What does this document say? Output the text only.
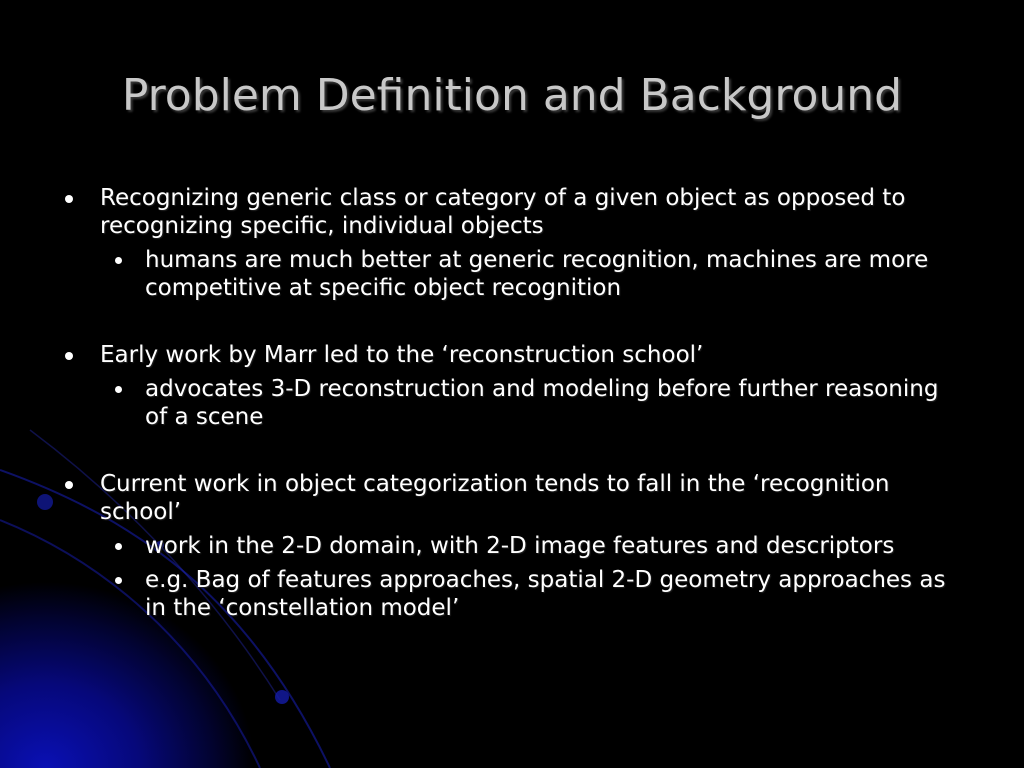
Problem Definition and Background
Recognizing generic class or category of a given object as opposed to recognizing specific, individual objects
humans are much better at generic recognition, machines are more competitive at specific object recognition
Early work by Marr led to the ‘reconstruction school’
advocates 3-D reconstruction and modeling before further reasoning of a scene
Current work in object categorization tends to fall in the ‘recognition school’
work in the 2-D domain, with 2-D image features and descriptors
e.g. Bag of features approaches, spatial 2-D geometry approaches as in the ‘constellation model’
